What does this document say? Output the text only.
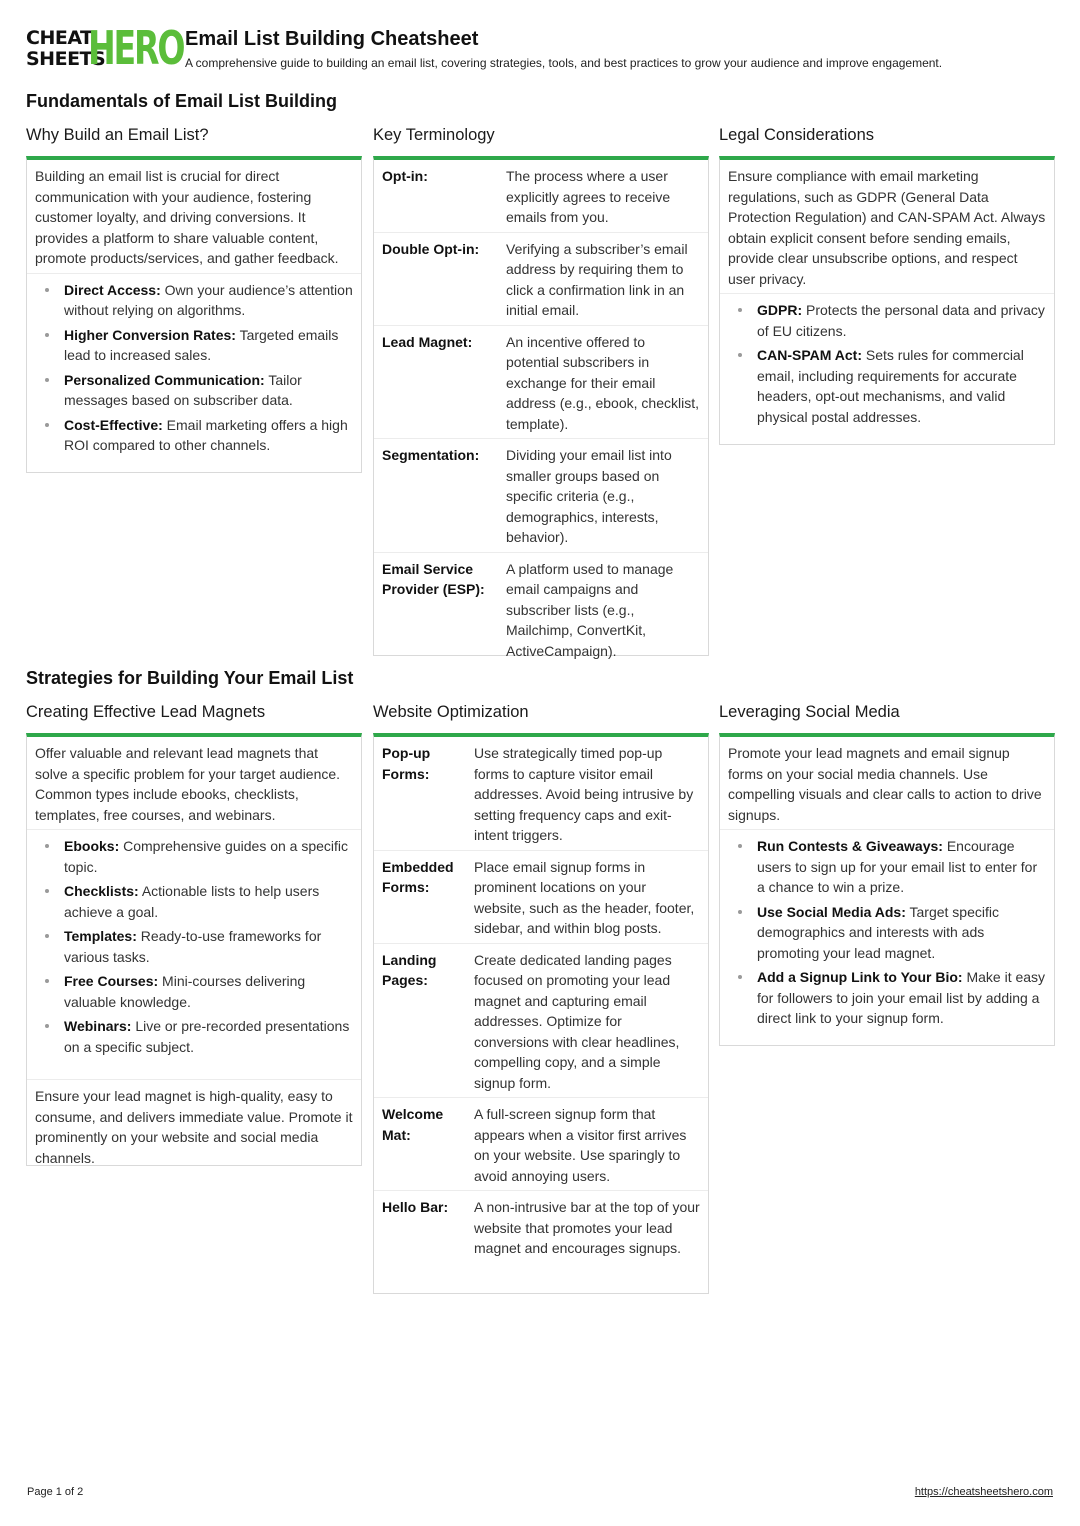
CHEAT
SHEETS
HERO Email List Building Cheatsheet
A comprehensive guide to building an email list, covering strategies, tools, and best practices to grow your audience and improve engagement.
Fundamentals of Email List Building
Why Build an Email List?
Building an email list is crucial for direct communication with your audience, fostering customer loyalty, and driving conversions. It provides a platform to share valuable content, promote products/services, and gather feedback.
Direct Access: Own your audience’s attention without relying on algorithms.
Higher Conversion Rates: Targeted emails lead to increased sales.
Personalized Communication: Tailor messages based on subscriber data.
Cost-Effective: Email marketing offers a high ROI compared to other channels.
Key Terminology
Opt-in:	The process where a user explicitly agrees to receive emails from you.
Double Opt-in:	Verifying a subscriber’s email address by requiring them to click a confirmation link in an initial email.
Lead Magnet:	An incentive offered to potential subscribers in exchange for their email address (e.g., ebook, checklist, template).
Segmentation:	Dividing your email list into smaller groups based on specific criteria (e.g., demographics, interests, behavior).
Email Service Provider (ESP):
A platform used to manage email campaigns and subscriber lists (e.g., Mailchimp, ConvertKit, ActiveCampaign).
Legal Considerations
Ensure compliance with email marketing regulations, such as GDPR (General Data Protection Regulation) and CAN-SPAM Act. Always obtain explicit consent before sending emails, provide clear unsubscribe options, and respect user privacy.
GDPR: Protects the personal data and privacy of EU citizens.
CAN-SPAM Act: Sets rules for commercial email, including requirements for accurate headers, opt-out mechanisms, and valid physical postal addresses.
Strategies for Building Your Email List
Creating Effective Lead Magnets
Offer valuable and relevant lead magnets that solve a specific problem for your target audience. Common types include ebooks, checklists, templates, free courses, and webinars.
Ebooks: Comprehensive guides on a specific topic.
Checklists: Actionable lists to help users achieve a goal.
Templates: Ready-to-use frameworks for various tasks.
Free Courses: Mini-courses delivering valuable knowledge.
Webinars: Live or pre-recorded presentations on a specific subject.
Ensure your lead magnet is high-quality, easy to consume, and delivers immediate value. Promote it prominently on your website and social media channels.
Website Optimization
Pop-up Forms:
Use strategically timed pop-up forms to capture visitor email addresses. Avoid being intrusive by setting frequency caps and exit-intent triggers.
Embedded Forms:
Place email signup forms in prominent locations on your website, such as the header, footer, sidebar, and within blog posts.
Landing Pages:
Create dedicated landing pages focused on promoting your lead magnet and capturing email addresses. Optimize for conversions with clear headlines, compelling copy, and a simple signup form.
Welcome Mat:
A full-screen signup form that appears when a visitor first arrives on your website. Use sparingly to avoid annoying users.
Hello Bar:	A non-intrusive bar at the top of your website that promotes your lead magnet and encourages signups.
Leveraging Social Media
Promote your lead magnets and email signup forms on your social media channels. Use compelling visuals and clear calls to action to drive signups.
Run Contests & Giveaways: Encourage users to sign up for your email list to enter for a chance to win a prize.
Use Social Media Ads: Target specific demographics and interests with ads promoting your lead magnet.
Add a Signup Link to Your Bio: Make it easy for followers to join your email list by adding a direct link to your signup form.
Page 1 of 2	https://cheatsheetshero.com
